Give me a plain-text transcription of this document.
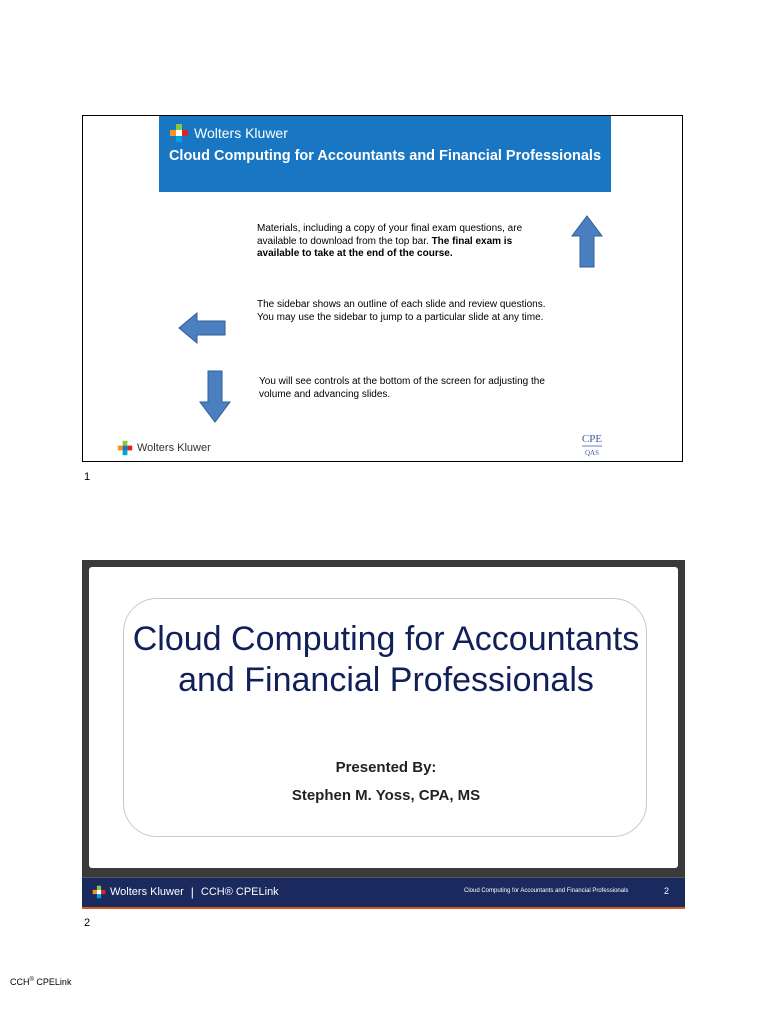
Wolters Kluwer
Cloud Computing for Accountants and Financial Professionals
Materials, including a copy of your final exam questions, are available to download from the top bar. The final exam is available to take at the end of the course.
The sidebar shows an outline of each slide and review questions. You may use the sidebar to jump to a particular slide at any time.
You will see controls at the bottom of the screen for adjusting the volume and advancing slides.
Wolters Kluwer
CPE
QAS
1
Cloud Computing for Accountants and Financial Professionals
Presented By:
Stephen M. Yoss, CPA, MS
Wolters Kluwer | CCH® CPELink	Cloud Computing for Accountants and Financial Professionals	2
2
CCH® CPELink
